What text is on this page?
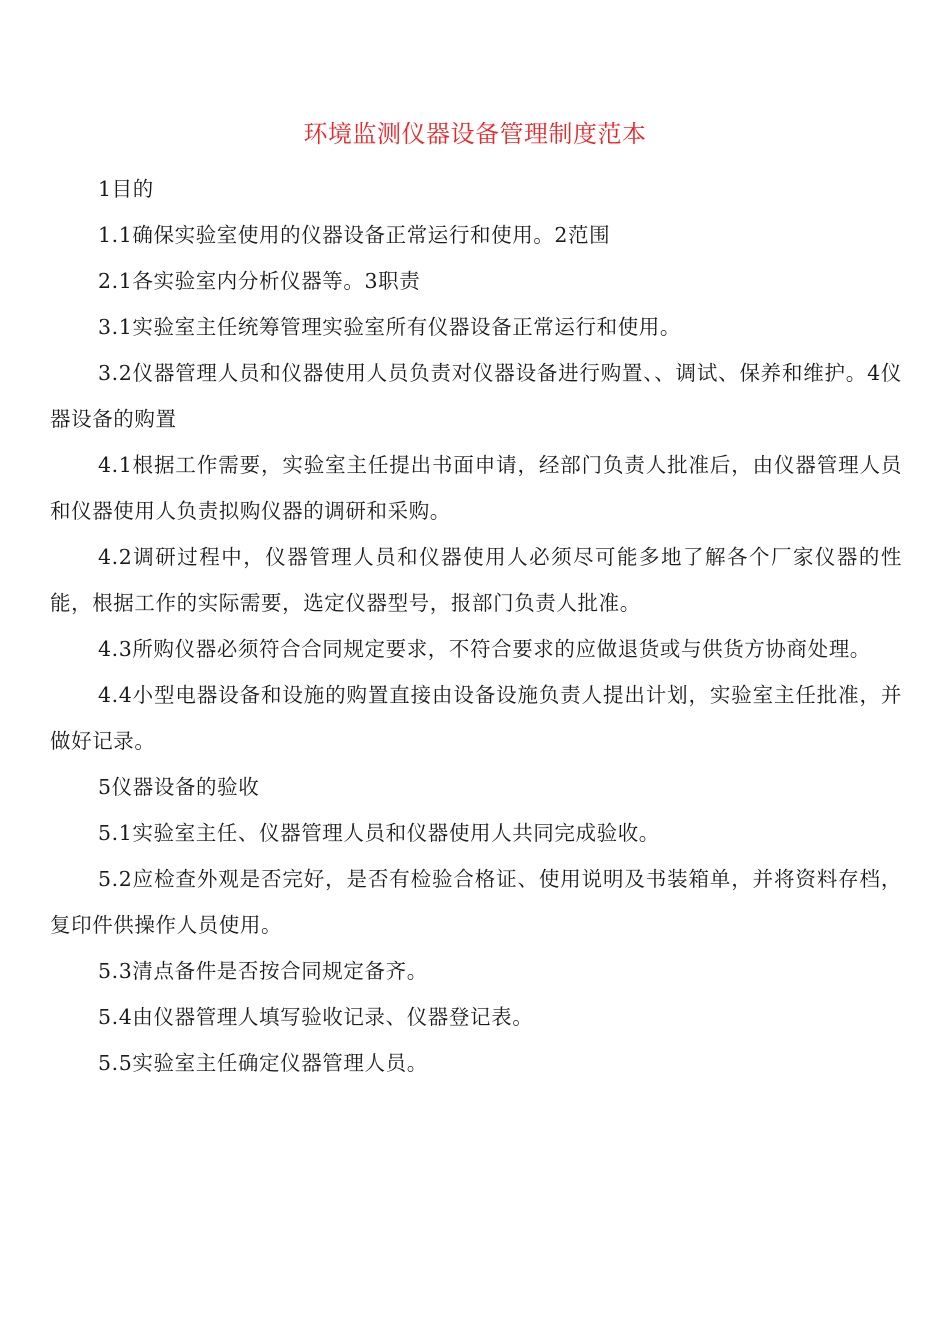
环境监测仪器设备管理制度范本

1目的

1.1确保实验室使用的仪器设备正常运行和使用。2范围

2.1各实验室内分析仪器等。3职责

3.1实验室主任统筹管理实验室所有仪器设备正常运行和使用。

3.2仪器管理人员和仪器使用人员负责对仪器设备进行购置、、调试、保养和维护。4仪器设备的购置

4.1根据工作需要，实验室主任提出书面申请，经部门负责人批准后，由仪器管理人员和仪器使用人负责拟购仪器的调研和采购。

4.2调研过程中，仪器管理人员和仪器使用人必须尽可能多地了解各个厂家仪器的性能，根据工作的实际需要，选定仪器型号，报部门负责人批准。

4.3所购仪器必须符合合同规定要求，不符合要求的应做退货或与供货方协商处理。

4.4小型电器设备和设施的购置直接由设备设施负责人提出计划，实验室主任批准，并做好记录。

5仪器设备的验收

5.1实验室主任、仪器管理人员和仪器使用人共同完成验收。

5.2应检查外观是否完好，是否有检验合格证、使用说明及书装箱单，并将资料存档，复印件供操作人员使用。

5.3清点备件是否按合同规定备齐。

5.4由仪器管理人填写验收记录、仪器登记表。

5.5实验室主任确定仪器管理人员。
